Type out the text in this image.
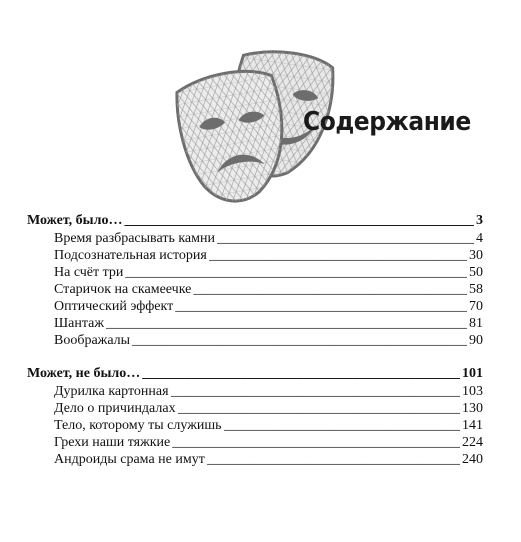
Содержание
Может, было… _____	3
Время разбрасывать камни _____	4
Подсознательная история _____	30
На счёт три _____	50
Старичок на скамеечке _____	58
Оптический эффект _____	70
Шантаж _____	81
Воображалы _____	90
Может, не было… _____	101
Дурилка картонная _____	103
Дело о причиндалах _____	130
Тело, которому ты служишь _____	141
Грехи наши тяжкие _____	224
Андроиды срама не имут _____	240
